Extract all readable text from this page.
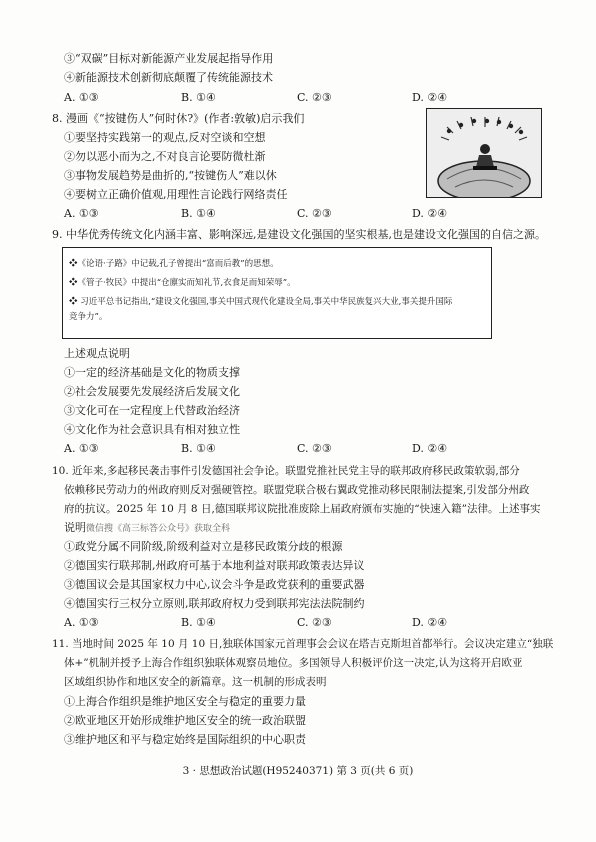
③“双碳”目标对新能源产业发展起指导作用
④新能源技术创新彻底颠覆了传统能源技术
A. ①③	B. ①④	C. ②③	D. ②④
8. 漫画《“按键伤人”何时休?》(作者:敦敏)启示我们
①要坚持实践第一的观点,反对空谈和空想
②勿以恶小而为之,不对良言论要防微杜渐
③事物发展趋势是曲折的,“按键伤人”难以休
④要树立正确价值观,用理性言论践行网络责任
A. ①③	B. ①④	C. ②③	D. ②④
9. 中华优秀传统文化内涵丰富、影响深远,是建设文化强国的坚实根基,也是建设文化强国的自信之源。
❖《论语·子路》中记载,孔子曾提出“富而后教”的思想。
❖《管子·牧民》中提出“仓廪实而知礼节,衣食足而知荣辱”。
❖ 习近平总书记指出,“建设文化强国,事关中国式现代化建设全局,事关中华民族复兴大业,事关提升国际
竞争力”。
上述观点说明
①一定的经济基础是文化的物质支撑
②社会发展要先发展经济后发展文化
③文化可在一定程度上代替政治经济
④文化作为社会意识具有相对独立性
A. ①③	B. ①④	C. ②③	D. ②④
10. 近年来,多起移民袭击事件引发德国社会争论。联盟党推社民党主导的联邦政府移民政策软弱,部分
依赖移民劳动力的州政府则反对强硬管控。联盟党联合极右翼政党推动移民限制法提案,引发部分州政
府的抗议。2025 年 10 月 8 日,德国联邦议院批准废除上届政府颁布实施的“快速入籍”法律。上述事实
说明微信搜《高三标答公众号》获取全科
①政党分属不同阶级,阶级利益对立是移民政策分歧的根源
②德国实行联邦制,州政府可基于本地利益对联邦政策表达异议
③德国议会是其国家权力中心,议会斗争是政党获利的重要武器
④德国实行三权分立原则,联邦政府权力受到联邦宪法法院制约
A. ①③	B. ①④	C. ②③	D. ②④
11. 当地时间 2025 年 10 月 10 日,独联体国家元首理事会会议在塔吉克斯坦首都举行。会议决定建立“独联
体+”机制并授予上海合作组织独联体观察员地位。多国领导人积极评价这一决定,认为这将开启欧亚
区域组织协作和地区安全的新篇章。这一机制的形成表明
①上海合作组织是维护地区安全与稳定的重要力量
②欧亚地区开始形成维护地区安全的统一政治联盟
③维护地区和平与稳定始终是国际组织的中心职责
3 · 思想政治试题(H95240371) 第 3 页(共 6 页)
